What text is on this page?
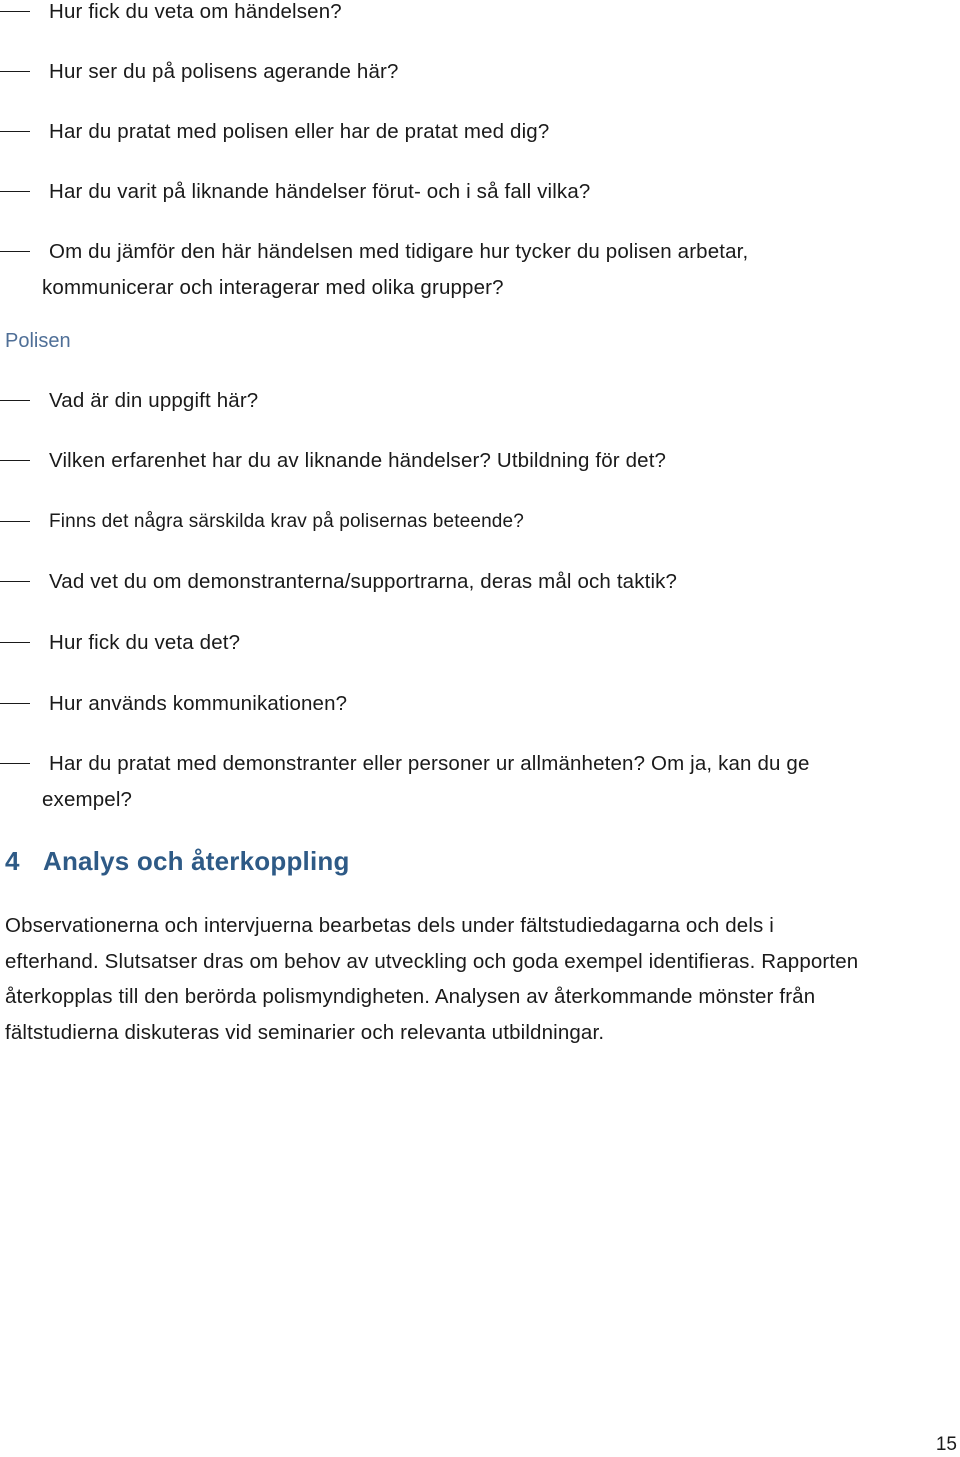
Hur fick du veta om händelsen?
Hur ser du på polisens agerande här?
Har du pratat med polisen eller har de pratat med dig?
Har du varit på liknande händelser förut- och i så fall vilka?
Om du jämför den här händelsen med tidigare hur tycker du polisen arbetar,
kommunicerar och interagerar med olika grupper?
Polisen
Vad är din uppgift här?
Vilken erfarenhet har du av liknande händelser? Utbildning för det?
Finns det några särskilda krav på polisernas beteende?
Vad vet du om demonstranterna/supportrarna, deras mål och taktik?
Hur fick du veta det?
Hur används kommunikationen?
Har du pratat med demonstranter eller personer ur allmänheten? Om ja, kan du ge
exempel?
4 Analys och återkoppling
Observationerna och intervjuerna bearbetas dels under fältstudiedagarna och dels i
efterhand. Slutsatser dras om behov av utveckling och goda exempel identifieras. Rapporten
återkopplas till den berörda polismyndigheten. Analysen av återkommande mönster från
fältstudierna diskuteras vid seminarier och relevanta utbildningar.
15
